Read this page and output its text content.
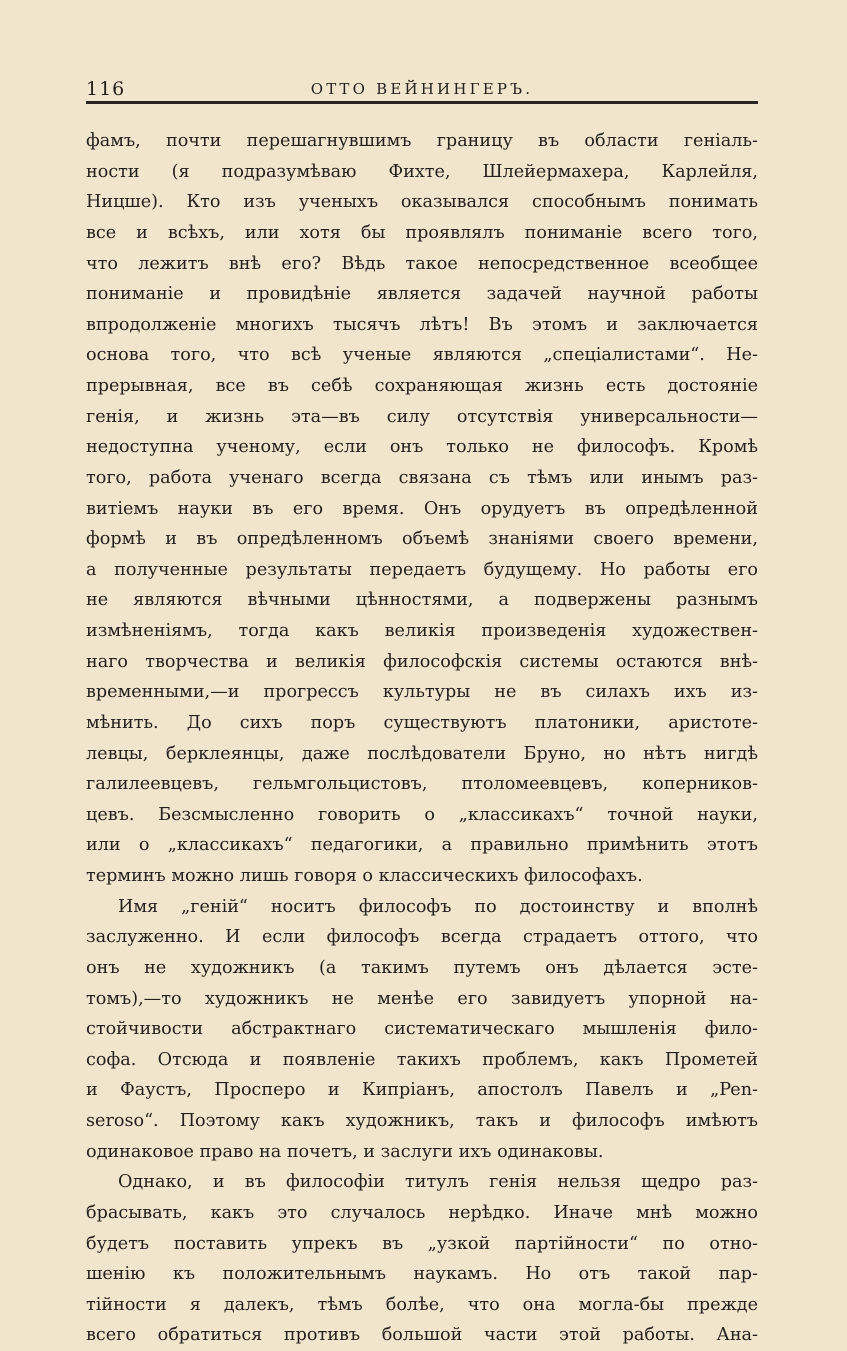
116	ОТТО ВЕЙНИНГЕРЪ.
фамъ, почти перешагнувшимъ границу въ области геніаль-
ности (я подразумѣваю Фихте, Шлейермахера, Карлейля,
Ницше). Кто изъ ученыхъ оказывался способнымъ понимать
все и всѣхъ, или хотя бы проявлялъ пониманіе всего того,
что лежитъ внѣ его? Вѣдь такое непосредственное всеобщее
пониманіе и провидѣніе является задачей научной работы
впродолженіе многихъ тысячъ лѣтъ! Въ этомъ и заключается
основа того, что всѣ ученые являются „спеціалистами“. Не-
прерывная, все въ себѣ сохраняющая жизнь есть достояніе
генія, и жизнь эта—въ силу отсутствія универсальности—
недоступна ученому, если онъ только не философъ. Кромѣ
того, работа ученаго всегда связана съ тѣмъ или инымъ раз-
витіемъ науки въ его время. Онъ орудуетъ въ опредѣленной
формѣ и въ опредѣленномъ объемѣ знаніями своего времени,
а полученные результаты передаетъ будущему. Но работы его
не являются вѣчными цѣнностями, а подвержены разнымъ
измѣненіямъ, тогда какъ великія произведенія художествен-
наго творчества и великія философскія системы остаются внѣ-
временными,—и прогрессъ культуры не въ силахъ ихъ из-
мѣнить. До сихъ поръ существуютъ платоники, аристоте-
левцы, берклеянцы, даже послѣдователи Бруно, но нѣтъ нигдѣ
галилеевцевъ, гельмгольцистовъ, птоломеевцевъ, коперников-
цевъ. Безсмысленно говорить о „классикахъ“ точной науки,
или о „классикахъ“ педагогики, а правильно примѣнить этотъ
терминъ можно лишь говоря о классическихъ философахъ.
Имя „геній“ носитъ философъ по достоинству и вполнѣ
заслуженно. И если философъ всегда страдаетъ оттого, что
онъ не художникъ (а такимъ путемъ онъ дѣлается эсте-
томъ),—то художникъ не менѣе его завидуетъ упорной на-
стойчивости абстрактнаго систематическаго мышленія фило-
софа. Отсюда и появленіе такихъ проблемъ, какъ Прометей
и Фаустъ, Просперо и Кипріанъ, апостолъ Павелъ и „Pen-
seroso“. Поэтому какъ художникъ, такъ и философъ имѣютъ
одинаковое право на почетъ, и заслуги ихъ одинаковы.
Однако, и въ философіи титулъ генія нельзя щедро раз-
брасывать, какъ это случалось нерѣдко. Иначе мнѣ можно
будетъ поставить упрекъ въ „узкой партійности“ по отно-
шенію къ положительнымъ наукамъ. Но отъ такой пар-
тійности я далекъ, тѣмъ болѣе, что она могла-бы прежде
всего обратиться противъ большой части этой работы. Ана-
